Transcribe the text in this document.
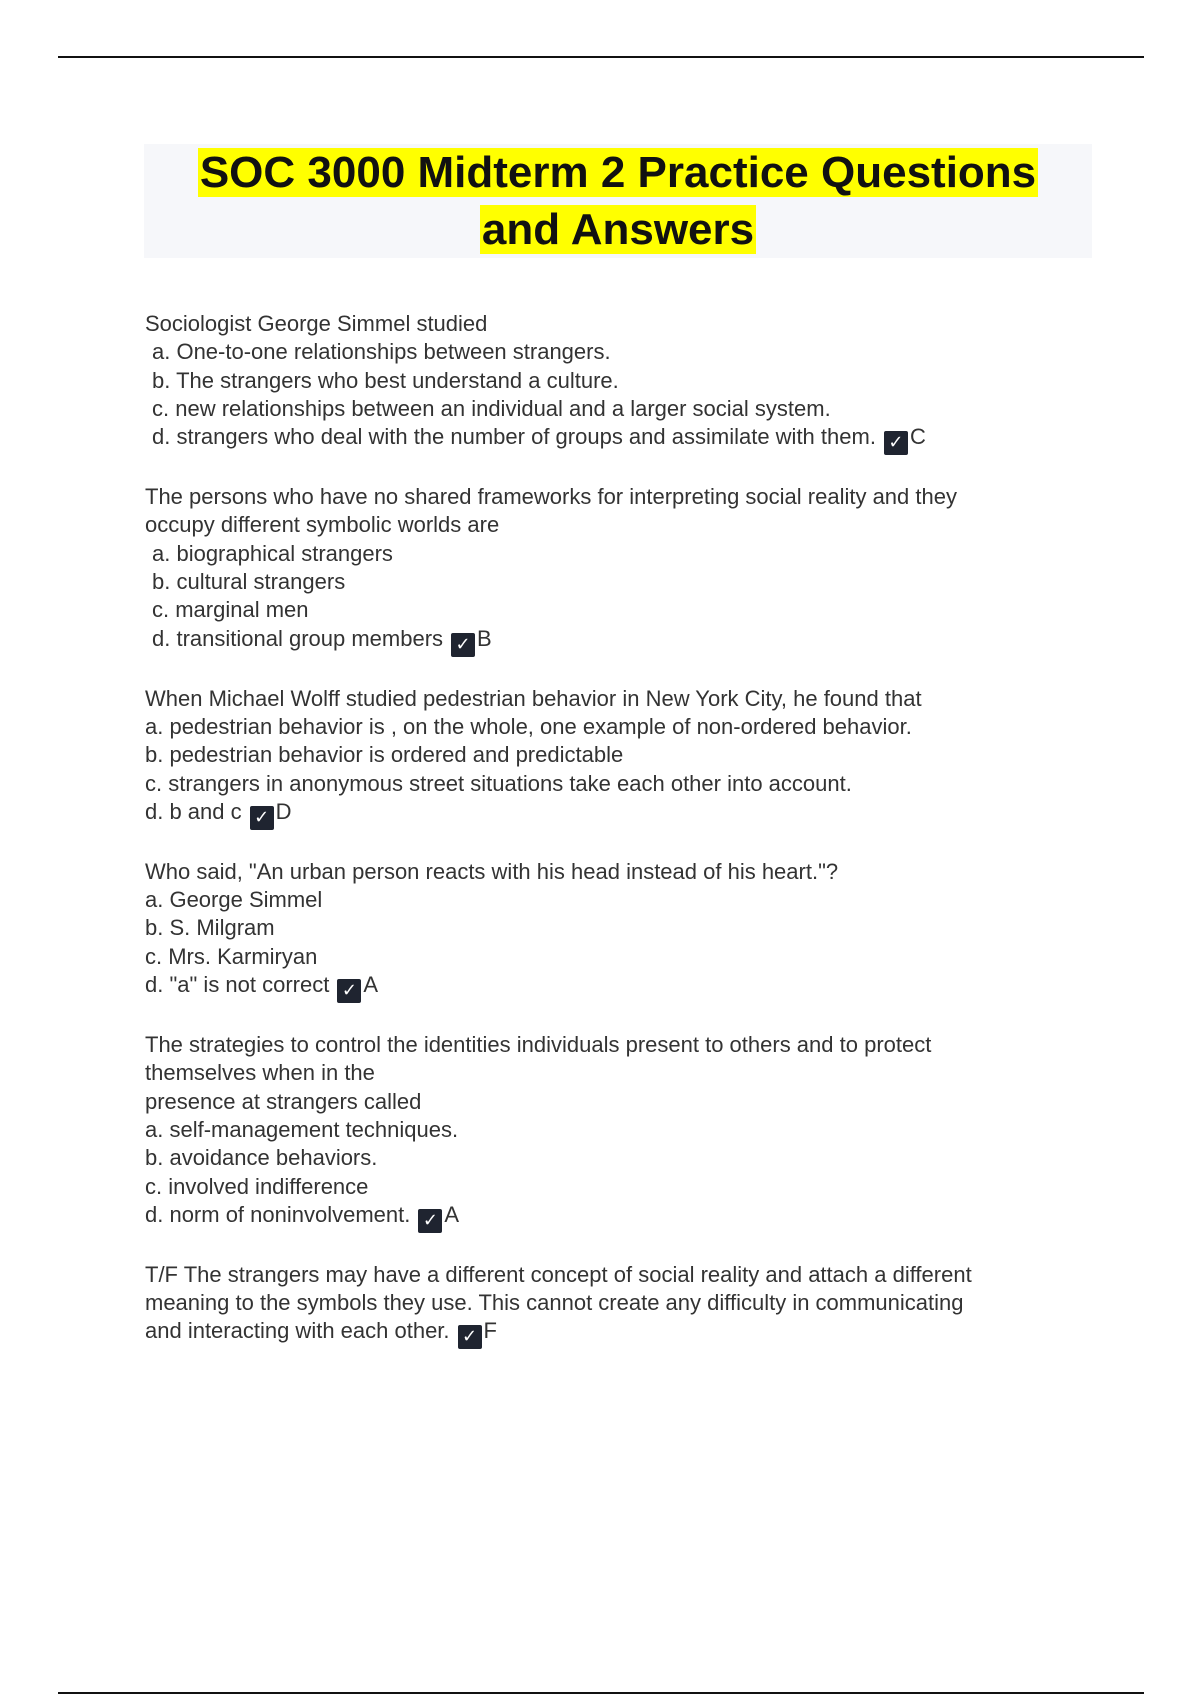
SOC 3000 Midterm 2 Practice Questions
and Answers
Sociologist George Simmel studied
a. One-to-one relationships between strangers.
b. The strangers who best understand a culture.
c. new relationships between an individual and a larger social system.
d. strangers who deal with the number of groups and assimilate with them. ✓ C
The persons who have no shared frameworks for interpreting social reality and they
occupy different symbolic worlds are
a. biographical strangers
b. cultural strangers
c. marginal men
d. transitional group members ✓ B
When Michael Wolff studied pedestrian behavior in New York City, he found that
a. pedestrian behavior is , on the whole, one example of non-ordered behavior.
b. pedestrian behavior is ordered and predictable
c. strangers in anonymous street situations take each other into account.
d. b and c ✓ D
Who said, "An urban person reacts with his head instead of his heart."?
a. George Simmel
b. S. Milgram
c. Mrs. Karmiryan
d. "a" is not correct ✓ A
The strategies to control the identities individuals present to others and to protect
themselves when in the
presence at strangers called
a. self-management techniques.
b. avoidance behaviors.
c. involved indifference
d. norm of noninvolvement. ✓ A
T/F The strangers may have a different concept of social reality and attach a different
meaning to the symbols they use. This cannot create any difficulty in communicating
and interacting with each other. ✓ F
